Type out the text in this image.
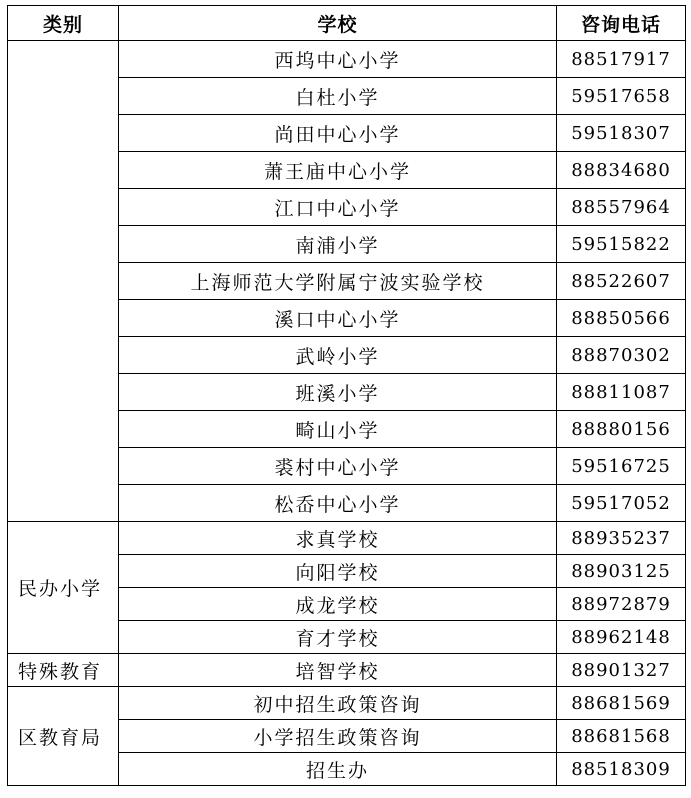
类别	学校	咨询电话
	西坞中心小学	88517917
	白杜小学	59517658
	尚田中心小学	59518307
	萧王庙中心小学	88834680
	江口中心小学	88557964
	南浦小学	59515822
	上海师范大学附属宁波实验学校	88522607
	溪口中心小学	88850566
	武岭小学	88870302
	班溪小学	88811087
	畸山小学	88880156
	裘村中心小学	59516725
	松岙中心小学	59517052
民办小学	求真学校	88935237
	向阳学校	88903125
	成龙学校	88972879
	育才学校	88962148
特殊教育	培智学校	88901327
区教育局	初中招生政策咨询	88681569
	小学招生政策咨询	88681568
	招生办	88518309
